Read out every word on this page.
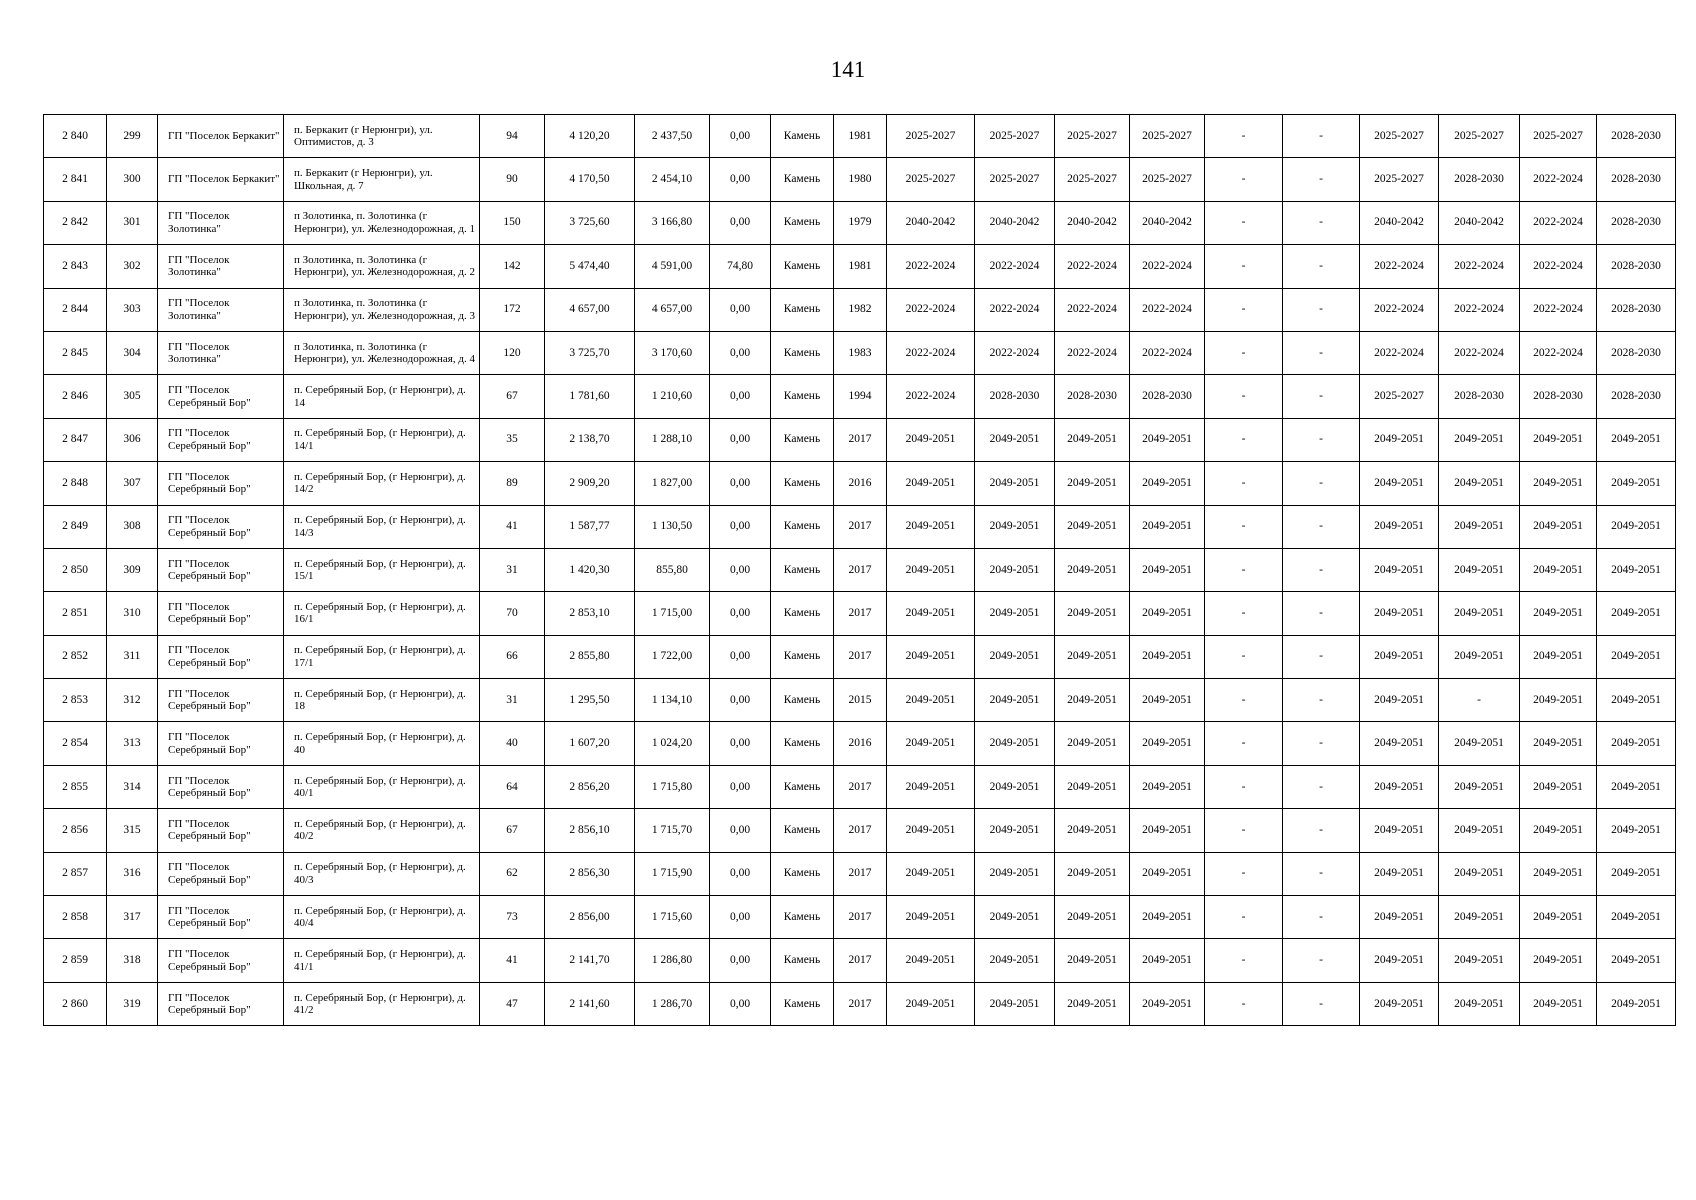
141
2 840	299	ГП "Поселок Беркакит"	п. Беркакит (г Нерюнгри), ул. Оптимистов, д. 3	94	4 120,20	2 437,50	0,00	Камень	1981	2025-2027	2025-2027	2025-2027	2025-2027	-	-	2025-2027	2025-2027	2025-2027	2028-2030
2 841	300	ГП "Поселок Беркакит"	п. Беркакит (г Нерюнгри), ул. Школьная, д. 7	90	4 170,50	2 454,10	0,00	Камень	1980	2025-2027	2025-2027	2025-2027	2025-2027	-	-	2025-2027	2028-2030	2022-2024	2028-2030
2 842	301	ГП "Поселок Золотинка"	п Золотинка, п. Золотинка (г Нерюнгри), ул. Железнодорожная, д. 1	150	3 725,60	3 166,80	0,00	Камень	1979	2040-2042	2040-2042	2040-2042	2040-2042	-	-	2040-2042	2040-2042	2022-2024	2028-2030
2 843	302	ГП "Поселок Золотинка"	п Золотинка, п. Золотинка (г Нерюнгри), ул. Железнодорожная, д. 2	142	5 474,40	4 591,00	74,80	Камень	1981	2022-2024	2022-2024	2022-2024	2022-2024	-	-	2022-2024	2022-2024	2022-2024	2028-2030
2 844	303	ГП "Поселок Золотинка"	п Золотинка, п. Золотинка (г Нерюнгри), ул. Железнодорожная, д. 3	172	4 657,00	4 657,00	0,00	Камень	1982	2022-2024	2022-2024	2022-2024	2022-2024	-	-	2022-2024	2022-2024	2022-2024	2028-2030
2 845	304	ГП "Поселок Золотинка"	п Золотинка, п. Золотинка (г Нерюнгри), ул. Железнодорожная, д. 4	120	3 725,70	3 170,60	0,00	Камень	1983	2022-2024	2022-2024	2022-2024	2022-2024	-	-	2022-2024	2022-2024	2022-2024	2028-2030
2 846	305	ГП "Поселок Серебряный Бор"	п. Серебряный Бор, (г Нерюнгри), д. 14	67	1 781,60	1 210,60	0,00	Камень	1994	2022-2024	2028-2030	2028-2030	2028-2030	-	-	2025-2027	2028-2030	2028-2030	2028-2030
2 847	306	ГП "Поселок Серебряный Бор"	п. Серебряный Бор, (г Нерюнгри), д. 14/1	35	2 138,70	1 288,10	0,00	Камень	2017	2049-2051	2049-2051	2049-2051	2049-2051	-	-	2049-2051	2049-2051	2049-2051	2049-2051
2 848	307	ГП "Поселок Серебряный Бор"	п. Серебряный Бор, (г Нерюнгри), д. 14/2	89	2 909,20	1 827,00	0,00	Камень	2016	2049-2051	2049-2051	2049-2051	2049-2051	-	-	2049-2051	2049-2051	2049-2051	2049-2051
2 849	308	ГП "Поселок Серебряный Бор"	п. Серебряный Бор, (г Нерюнгри), д. 14/3	41	1 587,77	1 130,50	0,00	Камень	2017	2049-2051	2049-2051	2049-2051	2049-2051	-	-	2049-2051	2049-2051	2049-2051	2049-2051
2 850	309	ГП "Поселок Серебряный Бор"	п. Серебряный Бор, (г Нерюнгри), д. 15/1	31	1 420,30	855,80	0,00	Камень	2017	2049-2051	2049-2051	2049-2051	2049-2051	-	-	2049-2051	2049-2051	2049-2051	2049-2051
2 851	310	ГП "Поселок Серебряный Бор"	п. Серебряный Бор, (г Нерюнгри), д. 16/1	70	2 853,10	1 715,00	0,00	Камень	2017	2049-2051	2049-2051	2049-2051	2049-2051	-	-	2049-2051	2049-2051	2049-2051	2049-2051
2 852	311	ГП "Поселок Серебряный Бор"	п. Серебряный Бор, (г Нерюнгри), д. 17/1	66	2 855,80	1 722,00	0,00	Камень	2017	2049-2051	2049-2051	2049-2051	2049-2051	-	-	2049-2051	2049-2051	2049-2051	2049-2051
2 853	312	ГП "Поселок Серебряный Бор"	п. Серебряный Бор, (г Нерюнгри), д. 18	31	1 295,50	1 134,10	0,00	Камень	2015	2049-2051	2049-2051	2049-2051	2049-2051	-	-	2049-2051	-	2049-2051	2049-2051
2 854	313	ГП "Поселок Серебряный Бор"	п. Серебряный Бор, (г Нерюнгри), д. 40	40	1 607,20	1 024,20	0,00	Камень	2016	2049-2051	2049-2051	2049-2051	2049-2051	-	-	2049-2051	2049-2051	2049-2051	2049-2051
2 855	314	ГП "Поселок Серебряный Бор"	п. Серебряный Бор, (г Нерюнгри), д. 40/1	64	2 856,20	1 715,80	0,00	Камень	2017	2049-2051	2049-2051	2049-2051	2049-2051	-	-	2049-2051	2049-2051	2049-2051	2049-2051
2 856	315	ГП "Поселок Серебряный Бор"	п. Серебряный Бор, (г Нерюнгри), д. 40/2	67	2 856,10	1 715,70	0,00	Камень	2017	2049-2051	2049-2051	2049-2051	2049-2051	-	-	2049-2051	2049-2051	2049-2051	2049-2051
2 857	316	ГП "Поселок Серебряный Бор"	п. Серебряный Бор, (г Нерюнгри), д. 40/3	62	2 856,30	1 715,90	0,00	Камень	2017	2049-2051	2049-2051	2049-2051	2049-2051	-	-	2049-2051	2049-2051	2049-2051	2049-2051
2 858	317	ГП "Поселок Серебряный Бор"	п. Серебряный Бор, (г Нерюнгри), д. 40/4	73	2 856,00	1 715,60	0,00	Камень	2017	2049-2051	2049-2051	2049-2051	2049-2051	-	-	2049-2051	2049-2051	2049-2051	2049-2051
2 859	318	ГП "Поселок Серебряный Бор"	п. Серебряный Бор, (г Нерюнгри), д. 41/1	41	2 141,70	1 286,80	0,00	Камень	2017	2049-2051	2049-2051	2049-2051	2049-2051	-	-	2049-2051	2049-2051	2049-2051	2049-2051
2 860	319	ГП "Поселок Серебряный Бор"	п. Серебряный Бор, (г Нерюнгри), д. 41/2	47	2 141,60	1 286,70	0,00	Камень	2017	2049-2051	2049-2051	2049-2051	2049-2051	-	-	2049-2051	2049-2051	2049-2051	2049-2051
